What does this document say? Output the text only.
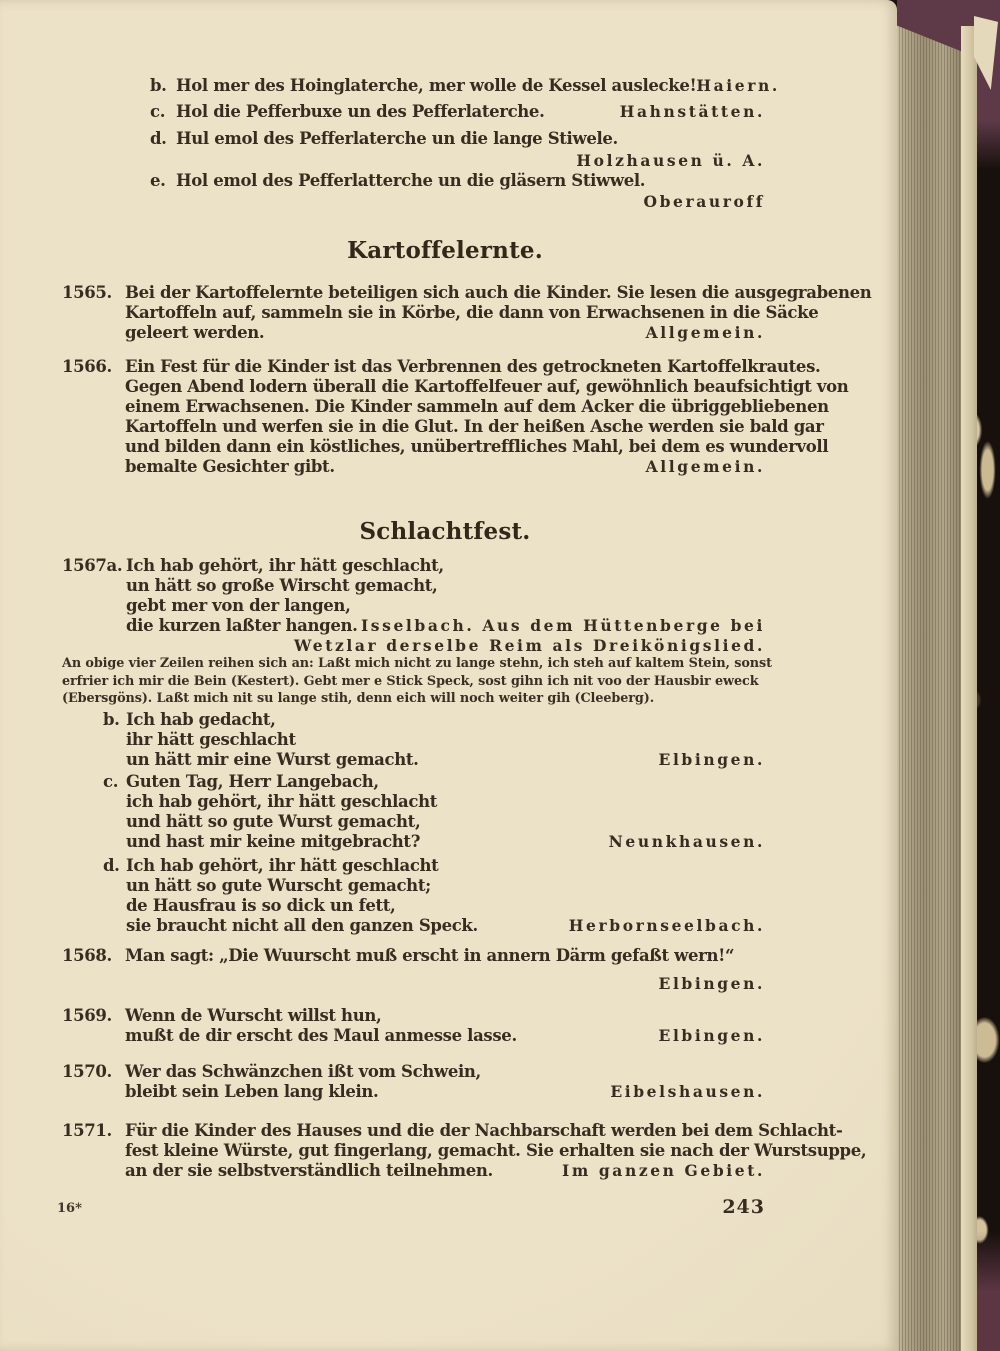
b. Hol mer des Hoinglaterche, mer wolle de Kessel auslecke! Haiern.
c. Hol die Pefferbuxe un des Pefferlaterche.	Hahnstätten.
d. Hul emol des Pefferlaterche un die lange Stiwele.
Holzhausen ü. A.
e. Hol emol des Pefferlatterche un die gläsern Stiwwel.
Oberauroff
Kartoffelernte.
1565. Bei der Kartoffelernte beteiligen sich auch die Kinder. Sie lesen die ausgegrabenen
Kartoffeln auf, sammeln sie in Körbe, die dann von Erwachsenen in die Säcke
geleert werden.	Allgemein.
1566. Ein Fest für die Kinder ist das Verbrennen des getrockneten Kartoffelkrautes.
Gegen Abend lodern überall die Kartoffelfeuer auf, gewöhnlich beaufsichtigt von
einem Erwachsenen. Die Kinder sammeln auf dem Acker die übriggebliebenen
Kartoffeln und werfen sie in die Glut. In der heißen Asche werden sie bald gar
und bilden dann ein köstliches, unübertreffliches Mahl, bei dem es wundervoll
bemalte Gesichter gibt.	Allgemein.
Schlachtfest.
1567a. Ich hab gehört, ihr hätt geschlacht,
un hätt so große Wirscht gemacht,
gebt mer von der langen,
die kurzen laßter hangen. Isselbach. Aus dem Hüttenberge bei
Wetzlar derselbe Reim als Dreikönigslied.
An obige vier Zeilen reihen sich an: Laßt mich nicht zu lange stehn, ich steh auf kaltem Stein, sonst
erfrier ich mir die Bein (Kestert). Gebt mer e Stick Speck, sost gihn ich nit voo der Hausbir eweck
(Ebersgöns). Laßt mich nit su lange stih, denn eich will noch weiter gih (Cleeberg).
b. Ich hab gedacht,
ihr hätt geschlacht
un hätt mir eine Wurst gemacht.	Elbingen.
c. Guten Tag, Herr Langebach,
ich hab gehört, ihr hätt geschlacht
und hätt so gute Wurst gemacht,
und hast mir keine mitgebracht?	Neunkhausen.
d. Ich hab gehört, ihr hätt geschlacht
un hätt so gute Wurscht gemacht;
de Hausfrau is so dick un fett,
sie braucht nicht all den ganzen Speck.	Herbornseelbach.
1568. Man sagt: „Die Wuurscht muß erscht in annern Därm gefaßt wern!“
Elbingen.
1569. Wenn de Wurscht willst hun,
mußt de dir erscht des Maul anmesse lasse.	Elbingen.
1570. Wer das Schwänzchen ißt vom Schwein,
bleibt sein Leben lang klein.	Eibelshausen.
1571. Für die Kinder des Hauses und die der Nachbarschaft werden bei dem Schlacht-
fest kleine Würste, gut fingerlang, gemacht. Sie erhalten sie nach der Wurstsuppe,
an der sie selbstverständlich teilnehmen.	Im ganzen Gebiet.
16*	243
